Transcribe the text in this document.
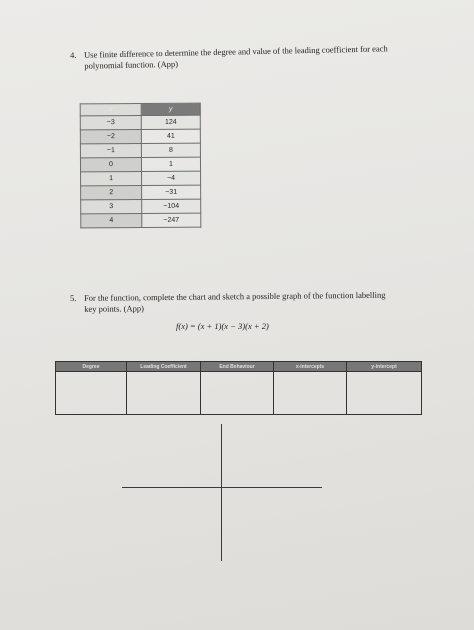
4. Use finite difference to determine the degree and value of the leading coefficient for each
polynomial function. (App)
x	y
−3	124
−2	41
−1	8
0	1
1	−4
2	−31
3	−104
4	−247
5. For the function, complete the chart and sketch a possible graph of the function labelling
key points. (App)
f(x) = (x + 1)(x − 3)(x + 2)
Degree	Leading Coefficient	End Behaviour	x-intercepts	y-intercept
